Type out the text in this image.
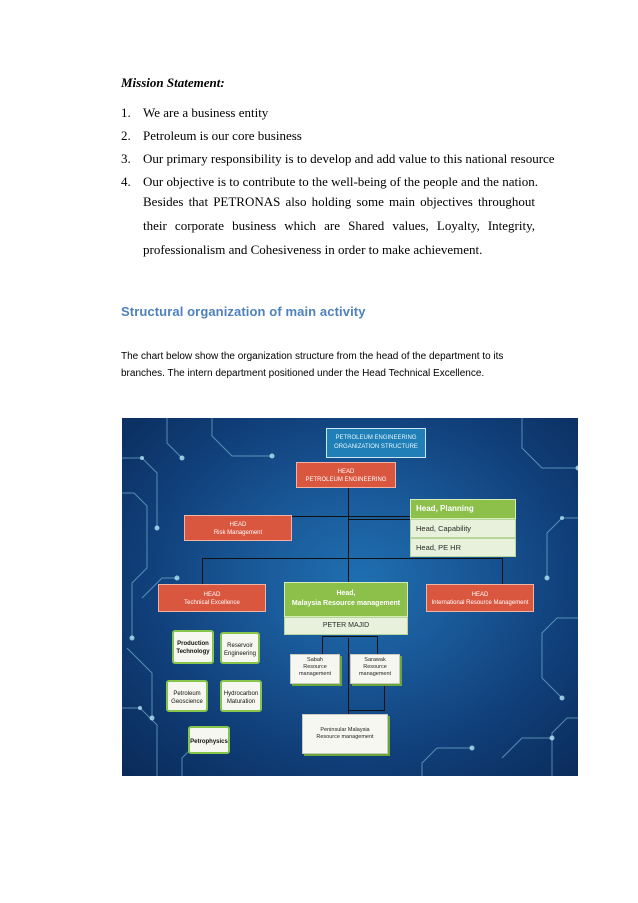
Mission Statement:
1. We are a business entity
2. Petroleum is our core business
3. Our primary responsibility is to develop and add value to this national resource
4. Our objective is to contribute to the well-being of the people and the nation.
Besides that PETRONAS also holding some main objectives throughout their corporate business which are Shared values, Loyalty, Integrity, professionalism and Cohesiveness in order to make achievement.
Structural organization of main activity
The chart below show the organization structure from the head of the department to its branches. The intern department positioned under the Head Technical Excellence.
PETROLEUM ENGINEERING
ORGANIZATION STRUCTURE
HEAD
PETROLEUM ENGINEERING
Head, Planning
Head, Capability
Head, PE HR
HEAD
Risk Management
HEAD
Technical Excellence
Head,
Malaysia Resource management
PETER MAJID
HEAD
International Resource Management
Production
Technology
Reservoir
Engineering
Petroleum
Geoscience
Hydrocarbon
Maturation
Petrophysics
Sabah
Resource
management
Sarawak
Resource
management
Peninsular Malaysia
Resource management
